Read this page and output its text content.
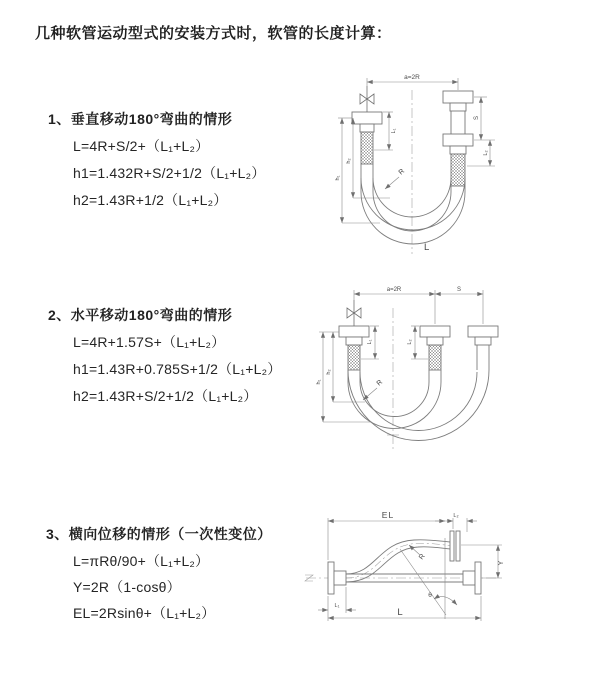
几种软管运动型式的安装方式时，软管的长度计算：
1、垂直移动180°弯曲的情形
L=4R+S/2+（L₁+L₂）
h1=1.432R+S/2+1/2（L₁+L₂）
h2=1.43R+1/2（L₁+L₂）
2、水平移动180°弯曲的情形
L=4R+1.57S+（L₁+L₂）
h1=1.43R+0.785S+1/2（L₁+L₂）
h2=1.43R+S/2+1/2（L₁+L₂）
3、横向位移的情形（一次性变位）
L=πRθ/90+（L₁+L₂）
Y=2R（1-cosθ）
EL=2Rsinθ+（L₁+L₂）
a=2R
L₁
h₂
h₁
S
L₂
R
L
a=2R	S
L₁	L₂
h₂
h₁	R
EL	L₂
Y
L
L₁
R
θ
